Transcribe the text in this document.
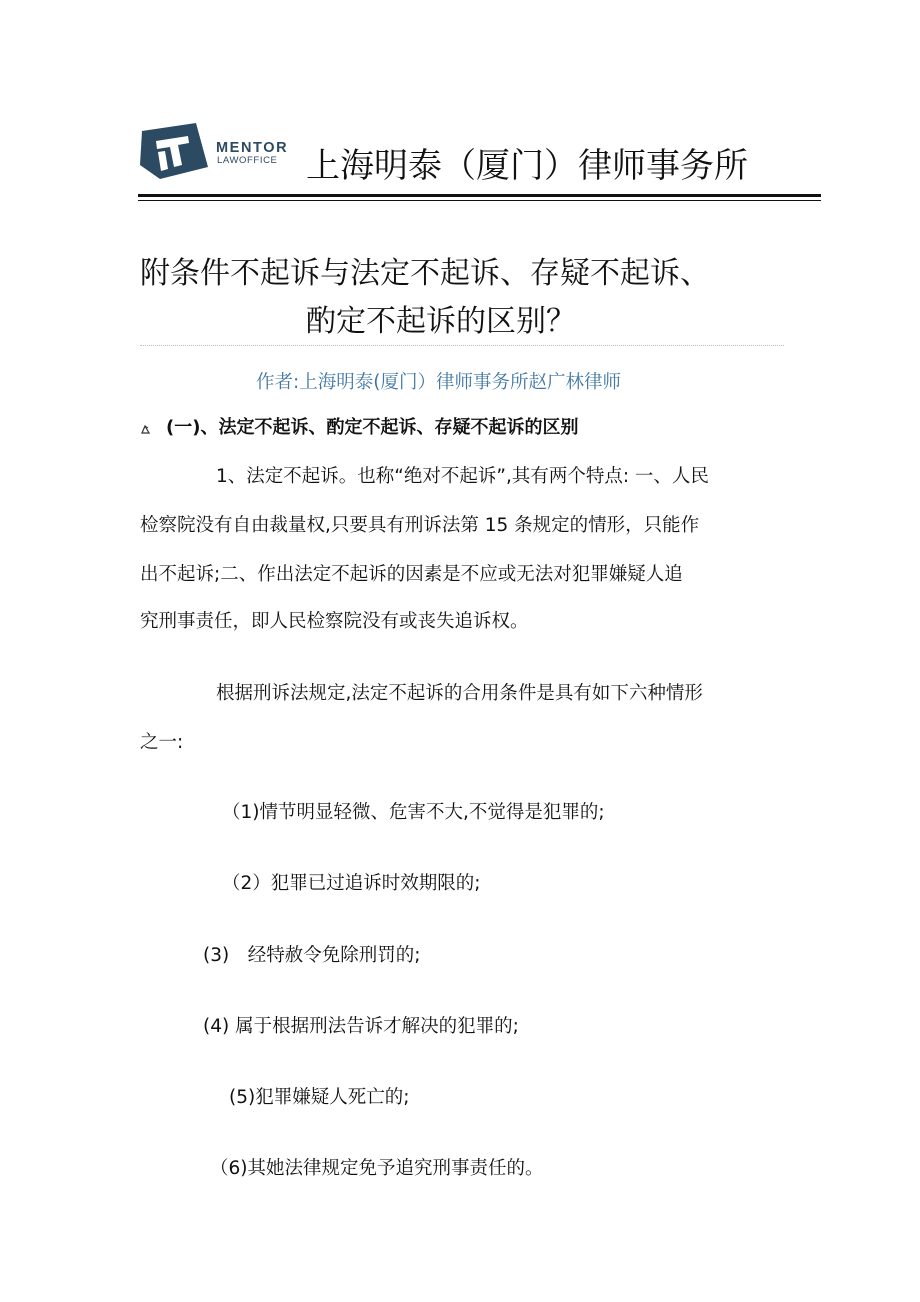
MENTOR
LAWOFFICE 上海明泰（厦门）律师事务所
附条件不起诉与法定不起诉、存疑不起诉、
酌定不起诉的区别？
作者:上海明泰(厦门）律师事务所赵广林律师
(一)、法定不起诉、酌定不起诉、存疑不起诉的区别
1、法定不起诉。也称“绝对不起诉”,其有两个特点: 一、人民
检察院没有自由裁量权,只要具有刑诉法第 15 条规定的情形，只能作
出不起诉;二、作出法定不起诉的因素是不应或无法对犯罪嫌疑人追
究刑事责任，即人民检察院没有或丧失追诉权。
根据刑诉法规定,法定不起诉的合用条件是具有如下六种情形
之一:
（1)情节明显轻微、危害不大,不觉得是犯罪的;
（2）犯罪已过追诉时效期限的;
(3)　经特赦令免除刑罚的;
(4) 属于根据刑法告诉才解决的犯罪的;
(5)犯罪嫌疑人死亡的;
（6)其她法律规定免予追究刑事责任的。
